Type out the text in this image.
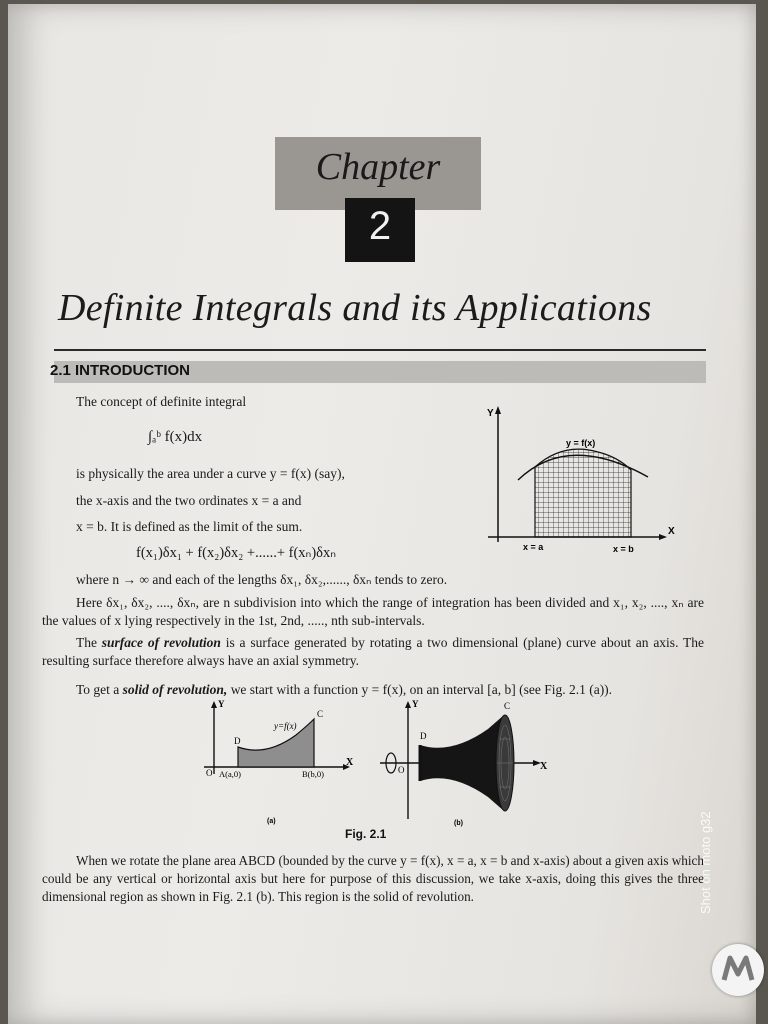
Chapter
2
Definite Integrals and its Applications
2.1 INTRODUCTION
The concept of definite integral
∫ₐᵇ f(x)dx
is physically the area under a curve y = f(x) (say),
the x-axis and the two ordinates x = a and
x = b. It is defined as the limit of the sum.
f(x₁)δx₁ + f(x₂)δx₂ +......+ f(xₙ)δxₙ
where n → ∞ and each of the lengths δx₁, δx₂,......, δxₙ tends to zero.
Y
X
y = f(x)
x = a	x = b
Here δx₁, δx₂, ...., δxₙ, are n subdivision into which the range of integration has been divided and x₁, x₂, ...., xₙ are the values of x lying respectively in the 1st, 2nd, ....., nth sub-intervals.
The surface of revolution is a surface generated by rotating a two dimensional (plane) curve about an axis. The resulting surface therefore always have an axial symmetry.
To get a solid of revolution, we start with a function y = f(x), on an interval [a, b] (see Fig. 2.1 (a)).
Y
X
O
y=f(x)
C
D
A(a,0)	B(b,0)
(a)
Y
X
O
C
D
(b)
Fig. 2.1
When we rotate the plane area ABCD (bounded by the curve y = f(x), x = a, x = b and x-axis) about a given axis which could be any vertical or horizontal axis but here for purpose of this discussion, we take x-axis, doing this gives the three dimensional region as shown in Fig. 2.1 (b). This region is the solid of revolution.	Shot on moto g32
